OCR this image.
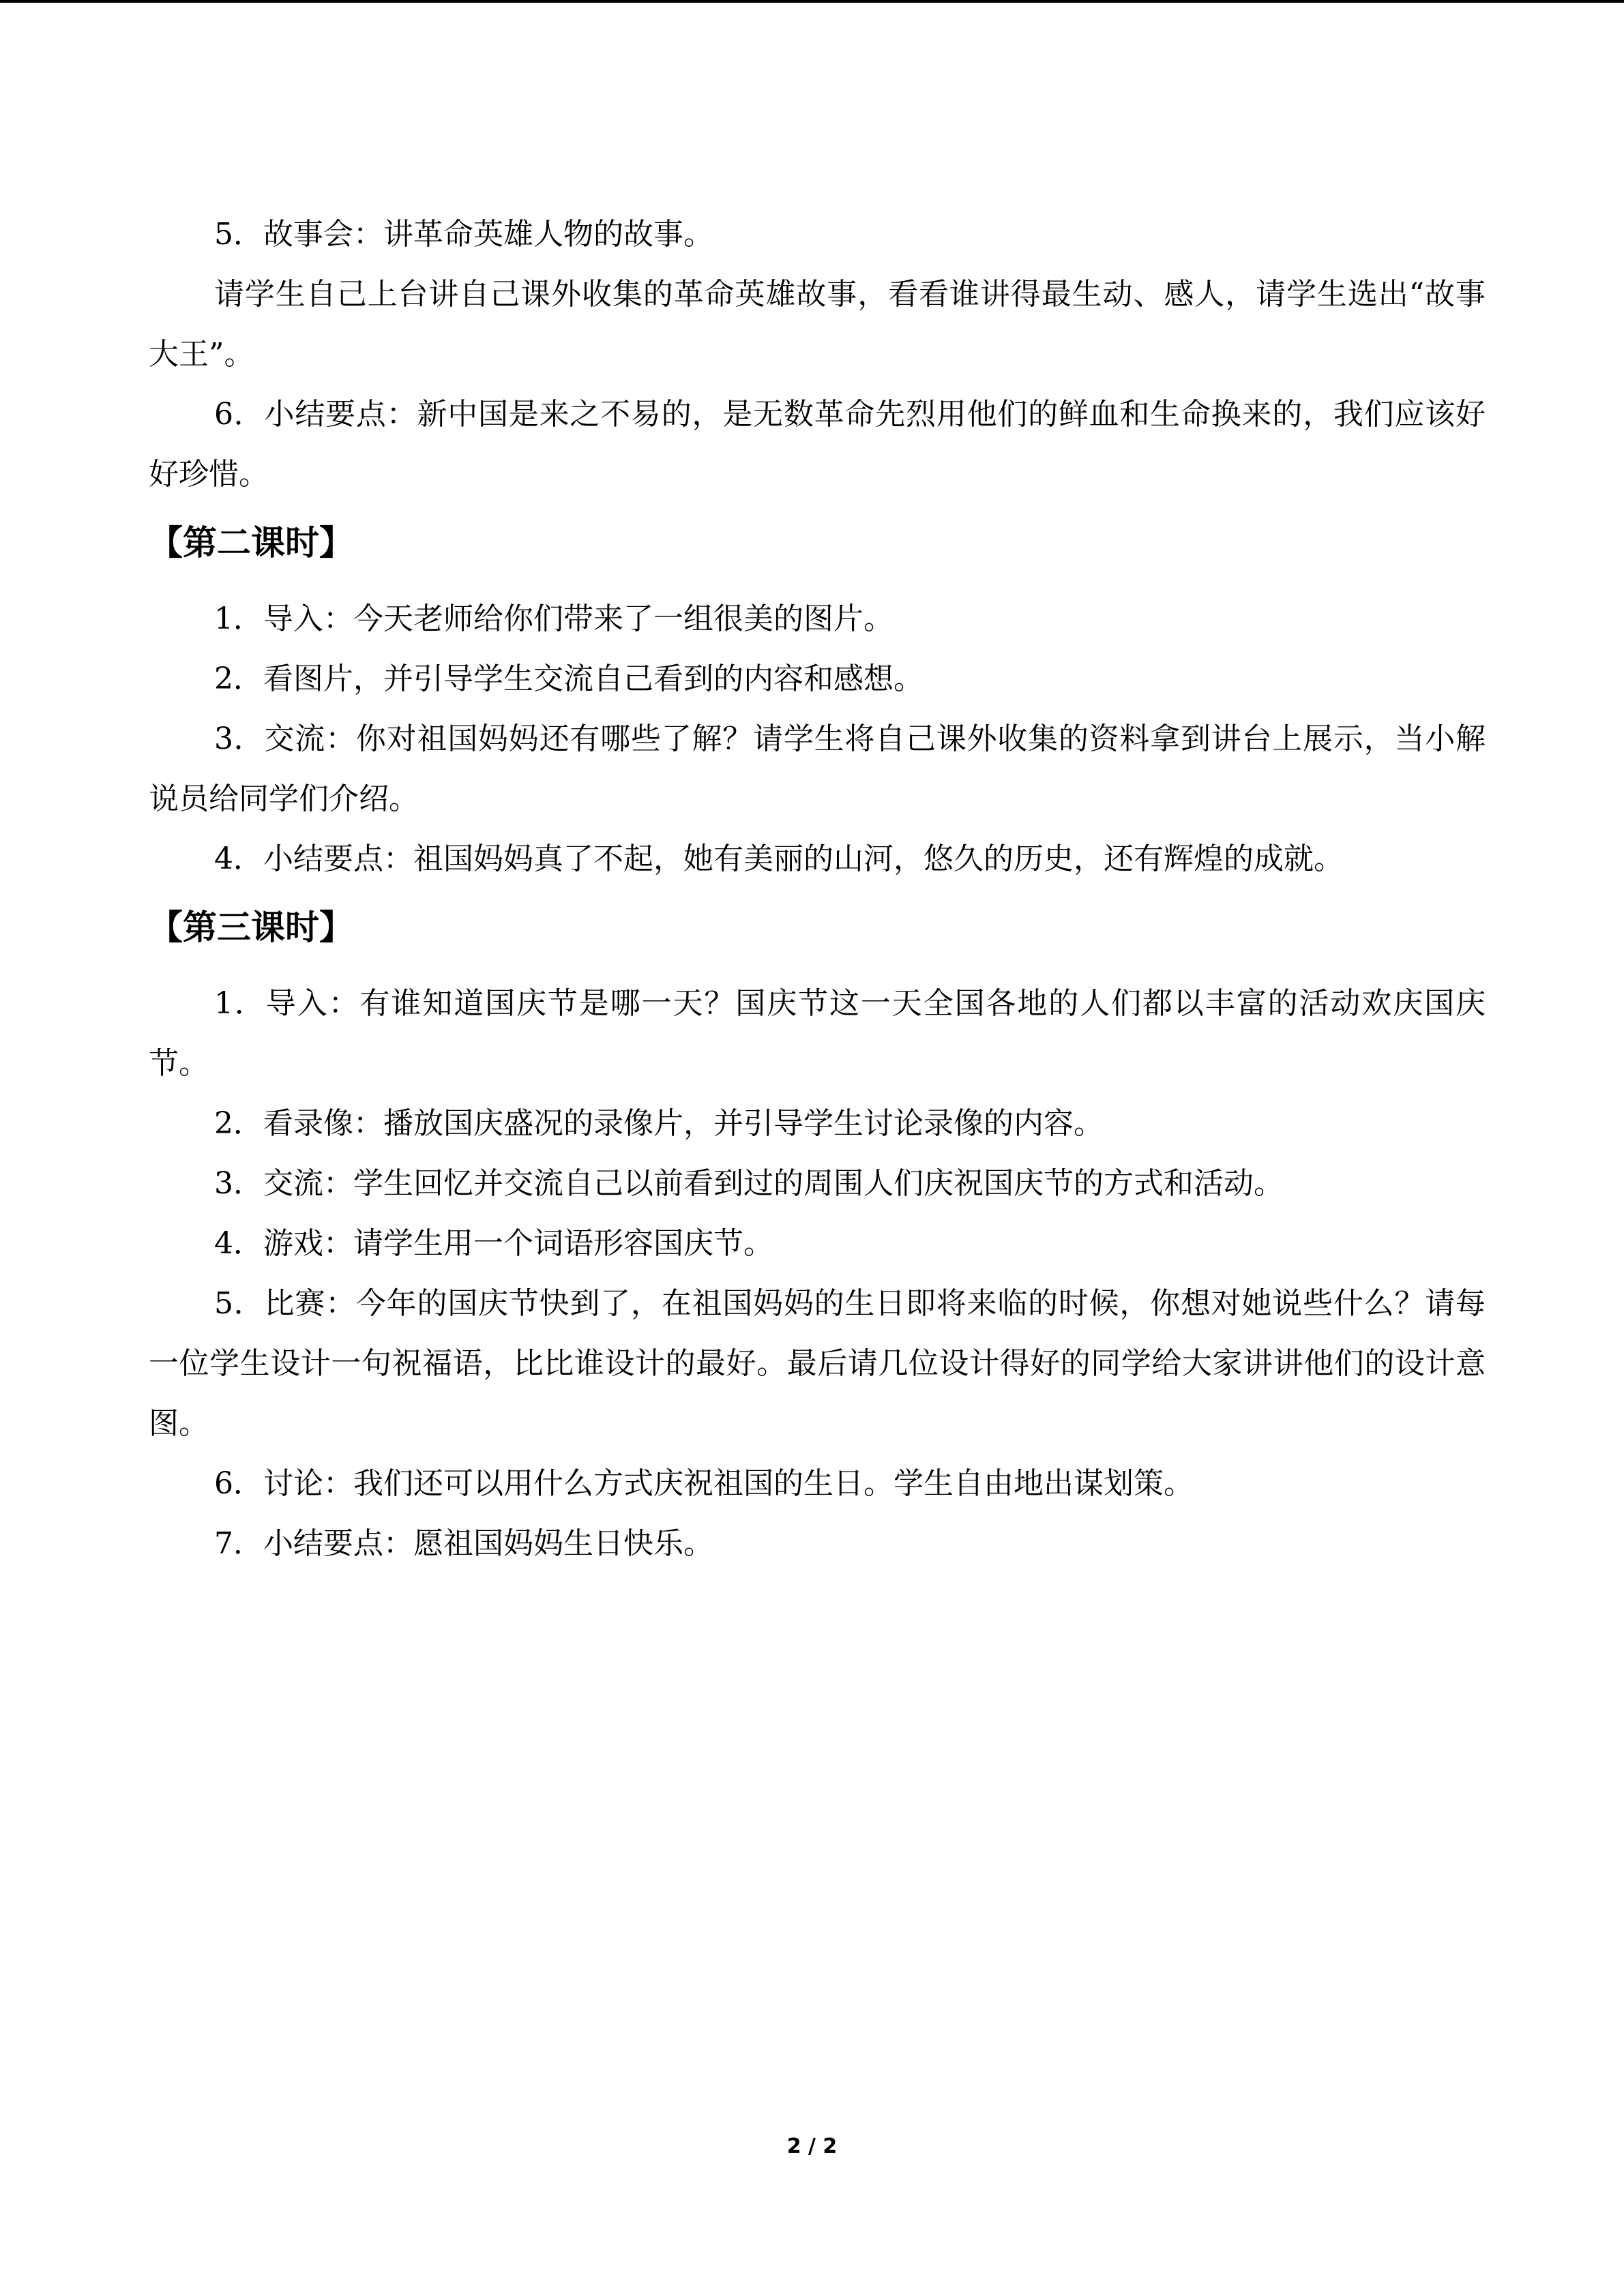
5．故事会：讲革命英雄人物的故事。

请学生自己上台讲自己课外收集的革命英雄故事，看看谁讲得最生动、感人，请学生选出“故事大王”。

6．小结要点：新中国是来之不易的，是无数革命先烈用他们的鲜血和生命换来的，我们应该好好珍惜。

【第二课时】

1．导入：今天老师给你们带来了一组很美的图片。

2．看图片，并引导学生交流自己看到的内容和感想。

3．交流：你对祖国妈妈还有哪些了解？请学生将自己课外收集的资料拿到讲台上展示，当小解说员给同学们介绍。

4．小结要点：祖国妈妈真了不起，她有美丽的山河，悠久的历史，还有辉煌的成就。

【第三课时】

1．导入：有谁知道国庆节是哪一天？国庆节这一天全国各地的人们都以丰富的活动欢庆国庆节。

2．看录像：播放国庆盛况的录像片，并引导学生讨论录像的内容。

3．交流：学生回忆并交流自己以前看到过的周围人们庆祝国庆节的方式和活动。

4．游戏：请学生用一个词语形容国庆节。

5．比赛：今年的国庆节快到了，在祖国妈妈的生日即将来临的时候，你想对她说些什么？请每一位学生设计一句祝福语，比比谁设计的最好。最后请几位设计得好的同学给大家讲讲他们的设计意图。

6．讨论：我们还可以用什么方式庆祝祖国的生日。学生自由地出谋划策。

7．小结要点：愿祖国妈妈生日快乐。

2 / 2
